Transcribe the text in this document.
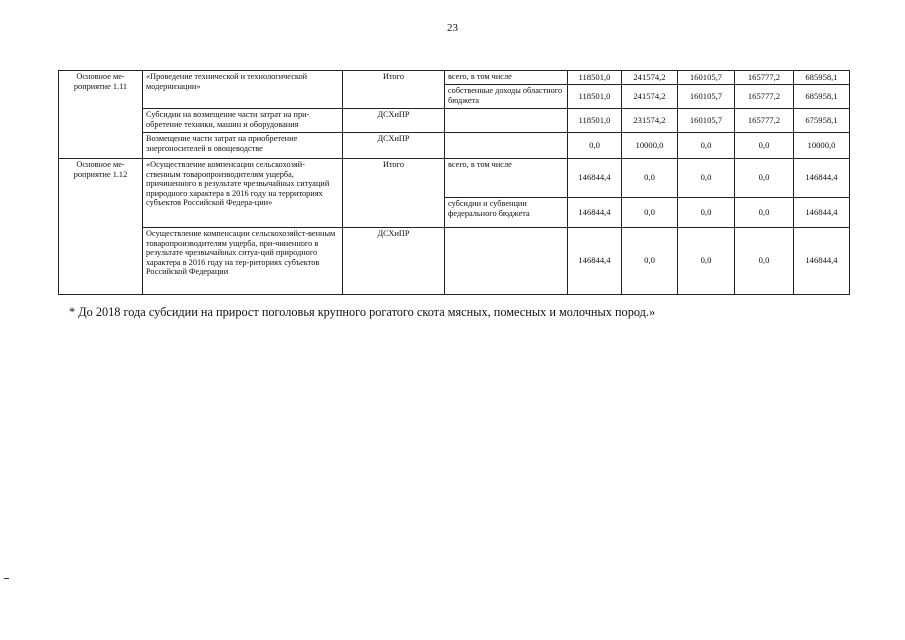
23
Основное ме-роприятие 1.11	«Проведение технической и технологической модернизации»	Итого	всего, в том числе	118501,0	241574,2	160105,7	165777,2	685958,1
			собственные доходы областного бюджета	118501,0	241574,2	160105,7	165777,2	685958,1
	Субсидии на возмещение части затрат на при-обретение техники, машин и оборудования	ДСХиПР		118501,0	231574,2	160105,7	165777,2	675958,1
	Возмещение части затрат на приобретение энергоносителей в овощеводстве	ДСХиПР		0,0	10000,0	0,0	0,0	10000,0
Основное ме-роприятие 1.12	«Осуществление компенсации сельскохозяй-ственным товаропроизводителям ущерба, причиненного в результате чрезвычайных ситуаций природного характера в 2016 году на территориях субъектов Российской Федера-ции»	Итого	всего, в том числе	146844,4	0,0	0,0	0,0	146844,4
			субсидии и субвенции федерального бюджета	146844,4	0,0	0,0	0,0	146844,4
	Осуществление компенсации сельскохозяйст-венным товаропроизводителям ущерба, при-чиненного в результате чрезвычайных ситуа-ций природного характера в 2016 году на тер-риториях субъектов Российской Федерации	ДСХиПР		146844,4	0,0	0,0	0,0	146844,4
* До 2018 года субсидии на прирост поголовья крупного рогатого скота мясных, помесных и молочных пород.»
